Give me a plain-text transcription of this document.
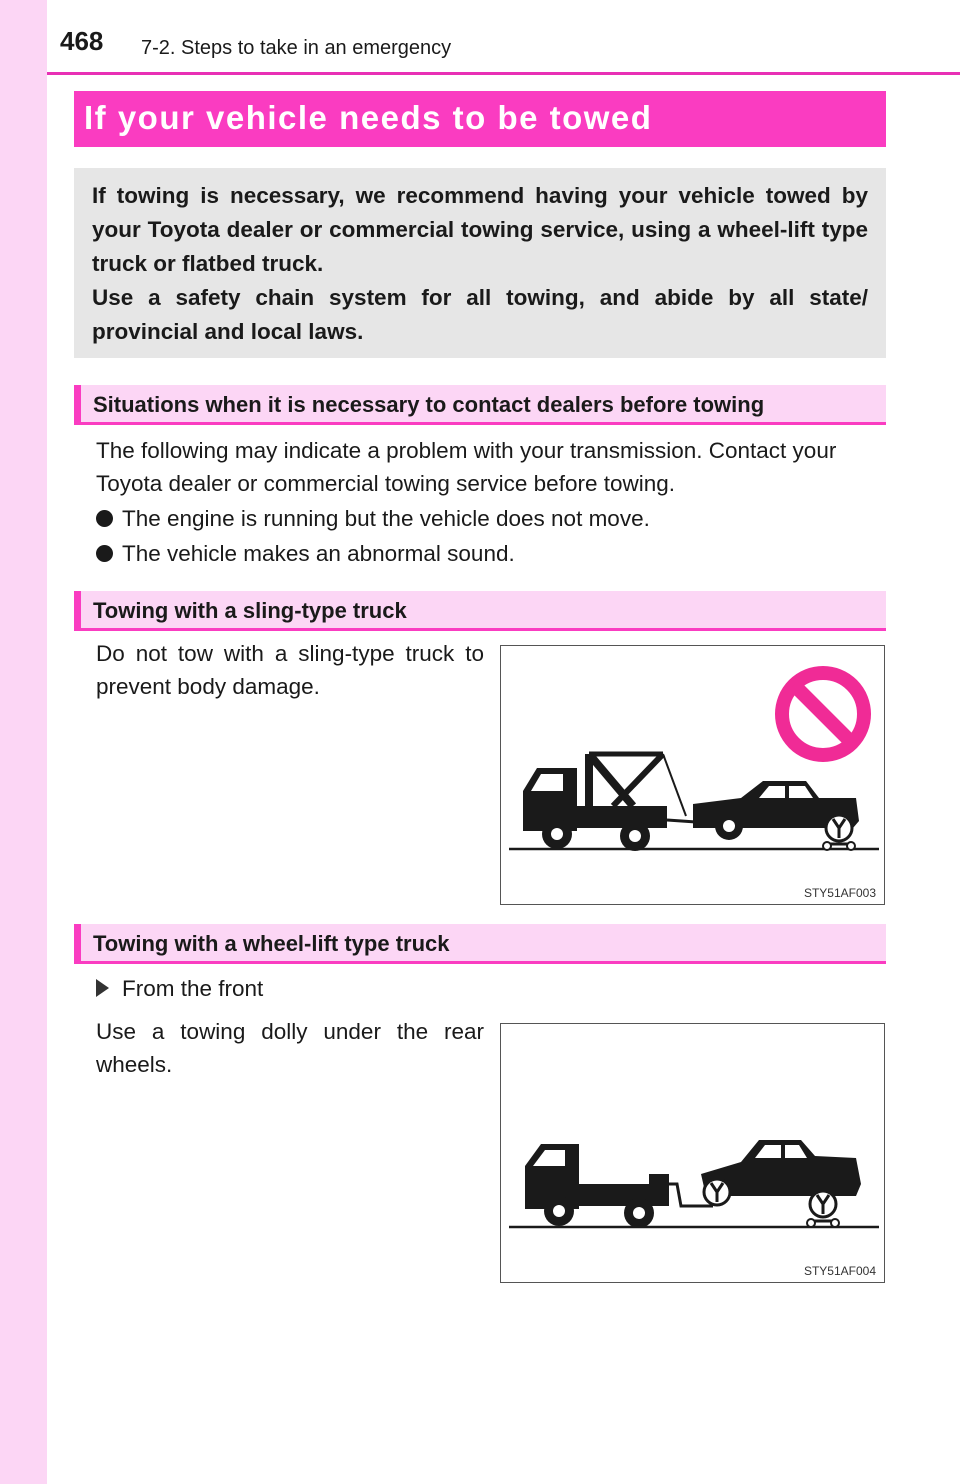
468 7-2. Steps to take in an emergency
If your vehicle needs to be towed

If towing is necessary, we recommend having your vehicle towed by your Toyota dealer or commercial towing service, using a wheel-lift type truck or flatbed truck.

Use a safety chain system for all towing, and abide by all state/ provincial and local laws.

Situations when it is necessary to contact dealers before towing
The following may indicate a problem with your transmission. Contact your Toyota dealer or commercial towing service before towing.
The engine is running but the vehicle does not move.
The vehicle makes an abnormal sound.
Towing with a sling-type truck
Do not tow with a sling-type truck to prevent body damage.
STY51AF003
Towing with a wheel-lift type truck
From the front
Use a towing dolly under the rear wheels.
STY51AF004
